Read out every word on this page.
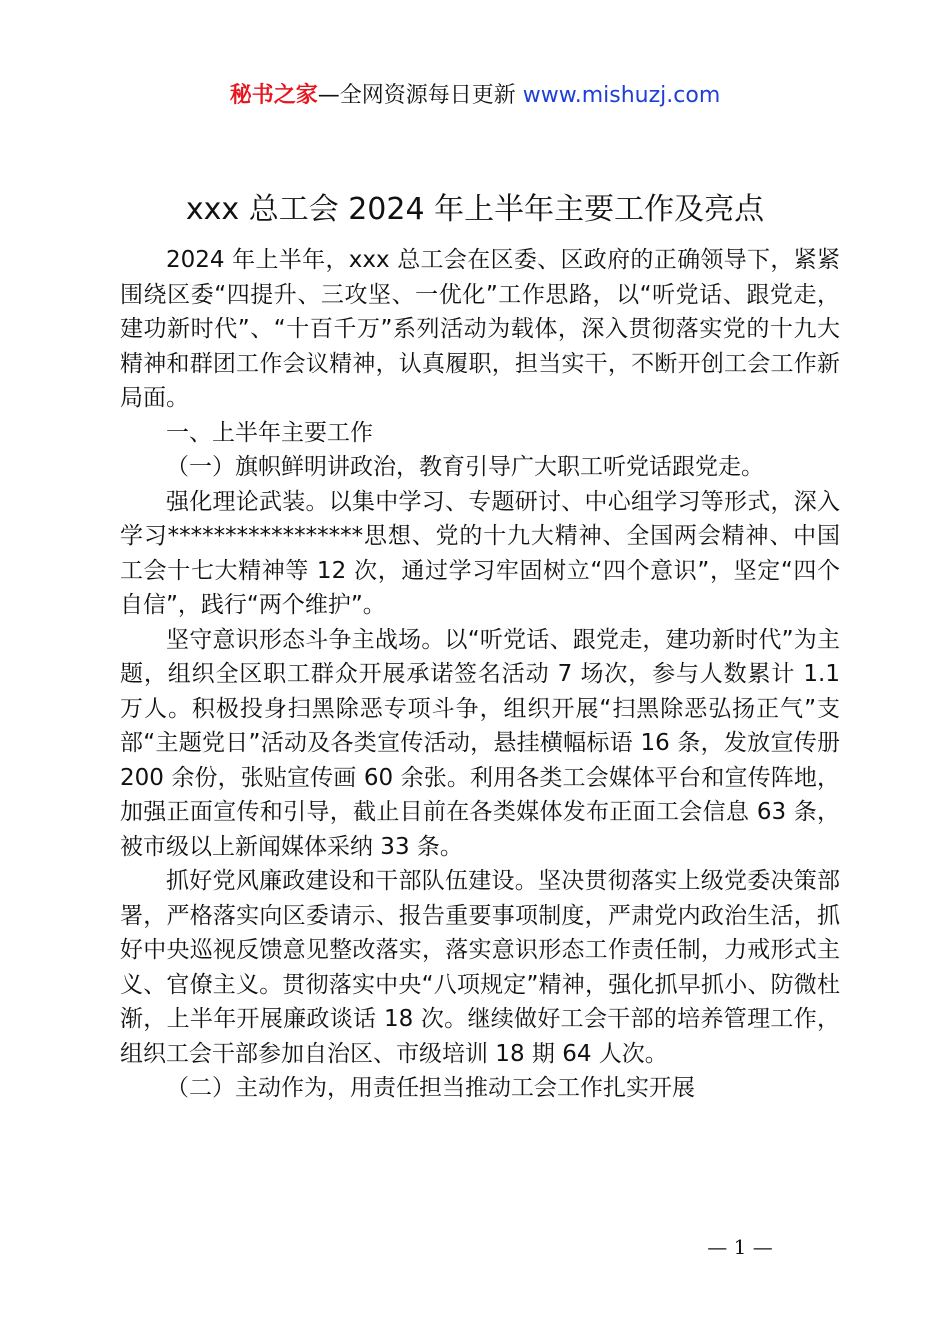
秘书之家—全网资源每日更新 www.mishuzj.com
xxx 总工会 2024 年上半年主要工作及亮点

2024 年上半年，xxx 总工会在区委、区政府的正确领导下，紧紧围绕区委“四提升、三攻坚、一优化”工作思路，以“听党话、跟党走，建功新时代”、“十百千万”系列活动为载体，深入贯彻落实党的十九大精神和群团工作会议精神，认真履职，担当实干，不断开创工会工作新局面。

一、上半年主要工作

（一）旗帜鲜明讲政治，教育引导广大职工听党话跟党走。

强化理论武装。以集中学习、专题研讨、中心组学习等形式，深入学习*****************思想、党的十九大精神、全国两会精神、中国工会十七大精神等 12 次，通过学习牢固树立“四个意识”，坚定“四个自信”，践行“两个维护”。

坚守意识形态斗争主战场。以“听党话、跟党走，建功新时代”为主题，组织全区职工群众开展承诺签名活动 7 场次，参与人数累计 1.1 万人。积极投身扫黑除恶专项斗争，组织开展“扫黑除恶弘扬正气”支部“主题党日”活动及各类宣传活动，悬挂横幅标语 16 条，发放宣传册 200 余份，张贴宣传画 60 余张。利用各类工会媒体平台和宣传阵地，加强正面宣传和引导，截止目前在各类媒体发布正面工会信息 63 条，被市级以上新闻媒体采纳 33 条。

抓好党风廉政建设和干部队伍建设。坚决贯彻落实上级党委决策部署，严格落实向区委请示、报告重要事项制度，严肃党内政治生活，抓好中央巡视反馈意见整改落实，落实意识形态工作责任制，力戒形式主义、官僚主义。贯彻落实中央“八项规定”精神，强化抓早抓小、防微杜渐，上半年开展廉政谈话 18 次。继续做好工会干部的培养管理工作，组织工会干部参加自治区、市级培训 18 期 64 人次。

（二）主动作为，用责任担当推动工会工作扎实开展

— 1 —
